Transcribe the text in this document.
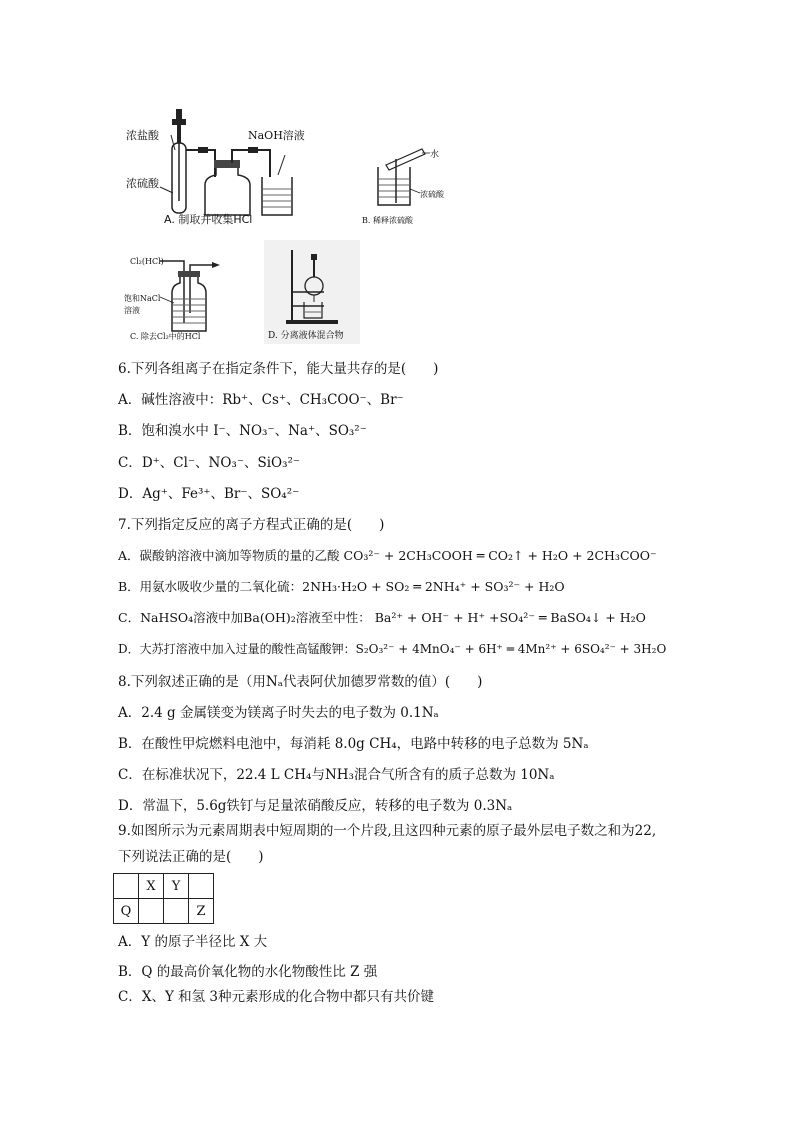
浓盐酸
浓硫酸
NaOH溶液
A. 制取并收集HCl
水
浓硫酸
B. 稀释浓硫酸
Cl₂(HCl)
饱和NaCl
溶液
C. 除去Cl₂中的HCl	D. 分离液体混合物
6.下列各组离子在指定条件下，能大量共存的是(　　)
A．碱性溶液中：Rb⁺、Cs⁺、CH₃COO⁻、Br⁻
B．饱和溴水中 I⁻、NO₃⁻、Na⁺、SO₃²⁻
C．D⁺、Cl⁻、NO₃⁻、SiO₃²⁻
D．Ag⁺、Fe³⁺、Br⁻、SO₄²⁻
7.下列指定反应的离子方程式正确的是(　　)
A．碳酸钠溶液中滴加等物质的量的乙酸 CO₃²⁻ + 2CH₃COOH ═ CO₂↑ + H₂O + 2CH₃COO⁻
B．用氨水吸收少量的二氧化硫：2NH₃·H₂O + SO₂ ═ 2NH₄⁺ + SO₃²⁻ + H₂O
C．NaHSO₄溶液中加Ba(OH)₂溶液至中性： Ba²⁺ + OH⁻ + H⁺ +SO₄²⁻ ═ BaSO₄↓ + H₂O
D．大苏打溶液中加入过量的酸性高锰酸钾：S₂O₃²⁻ + 4MnO₄⁻ + 6H⁺ ═ 4Mn²⁺ + 6SO₄²⁻ + 3H₂O
8.下列叙述正确的是（用Nₐ代表阿伏加德罗常数的值）(　　)
A．2.4 g 金属镁变为镁离子时失去的电子数为 0.1Nₐ
B．在酸性甲烷燃料电池中，每消耗 8.0g CH₄，电路中转移的电子总数为 5Nₐ
C．在标准状况下，22.4 L CH₄与NH₃混合气所含有的质子总数为 10Nₐ
D．常温下，5.6g铁钉与足量浓硝酸反应，转移的电子数为 0.3Nₐ
9.如图所示为元素周期表中短周期的一个片段,且这四种元素的原子最外层电子数之和为22,
下列说法正确的是(　　)
	X	Y	
Q			Z
A．Y 的原子半径比 X 大
B．Q 的最高价氧化物的水化物酸性比 Z 强
C．X、Y 和氢 3种元素形成的化合物中都只有共价键
